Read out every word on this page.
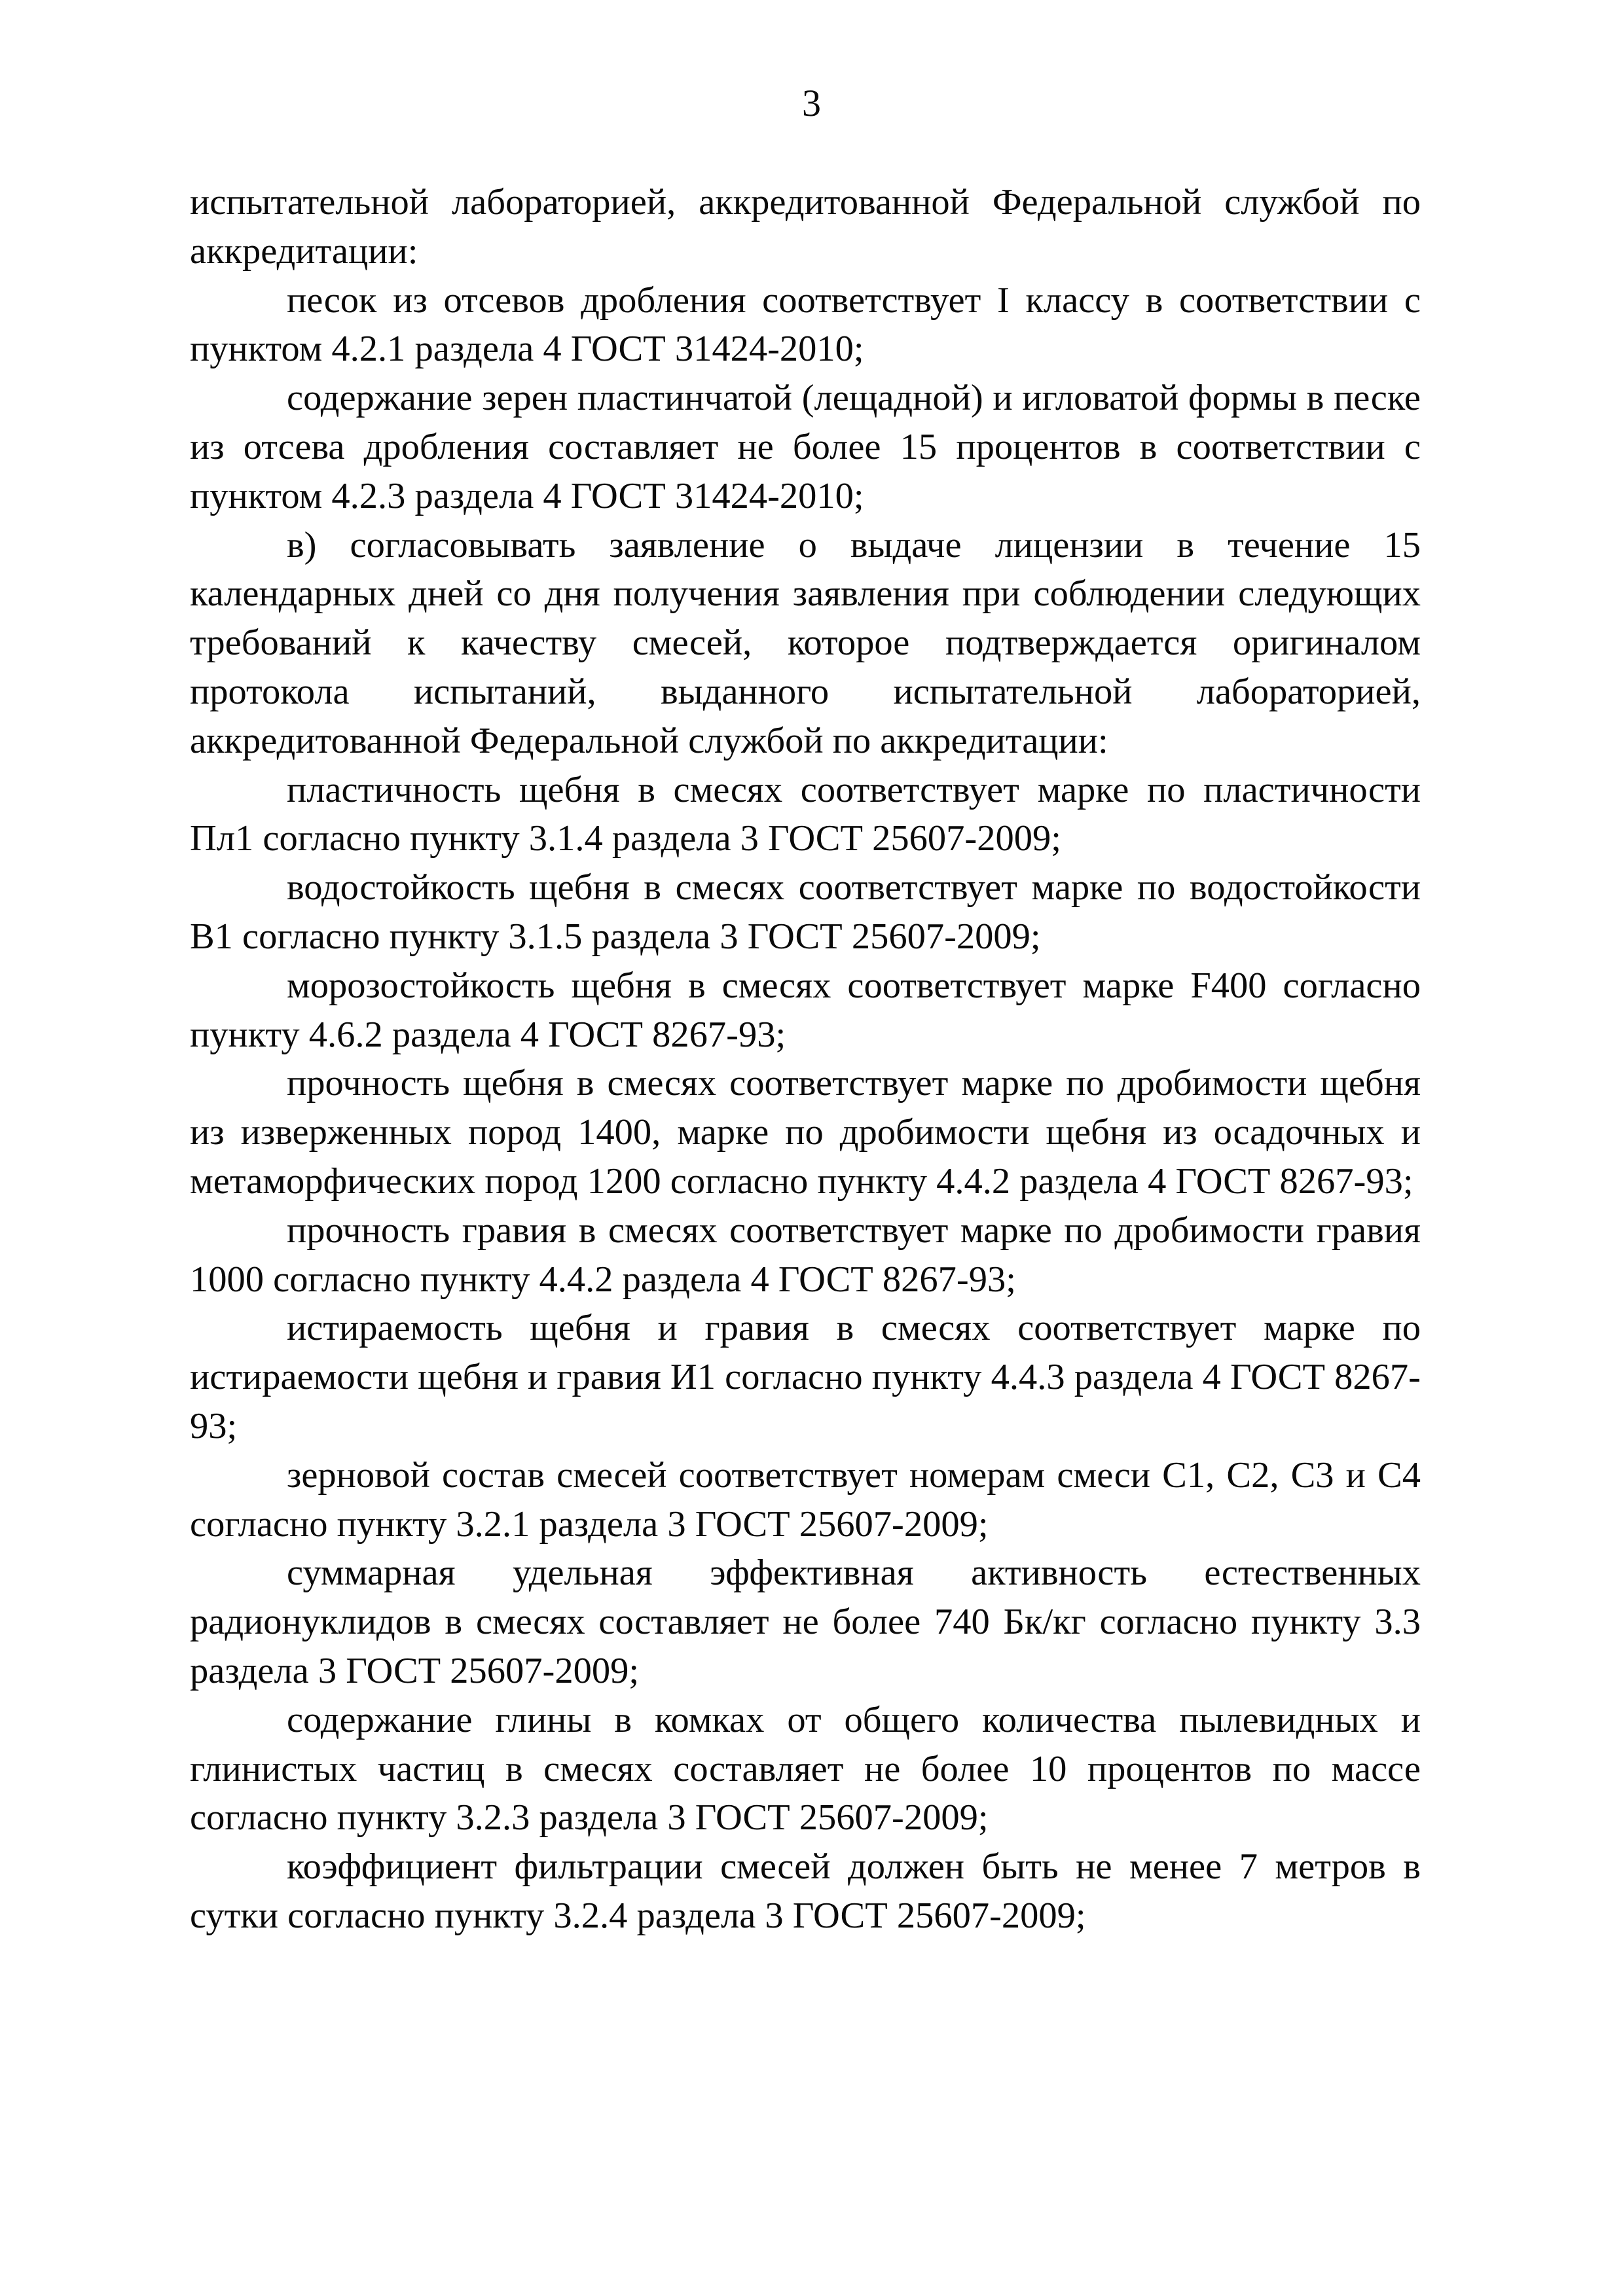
3

испытательной лабораторией, аккредитованной Федеральной службой по аккредитации:

песок из отсевов дробления соответствует I классу в соответствии с пунктом 4.2.1 раздела 4 ГОСТ 31424-2010;

содержание зерен пластинчатой (лещадной) и игловатой формы в песке из отсева дробления составляет не более 15 процентов в соответствии с пунктом 4.2.3 раздела 4 ГОСТ 31424-2010;

в) согласовывать заявление о выдаче лицензии в течение 15 календарных дней со дня получения заявления при соблюдении следующих требований к качеству смесей, которое подтверждается оригиналом протокола испытаний, выданного испытательной лабораторией, аккредитованной Федеральной службой по аккредитации:

пластичность щебня в смесях соответствует марке по пластичности Пл1 согласно пункту 3.1.4 раздела 3 ГОСТ 25607-2009;

водостойкость щебня в смесях соответствует марке по водостойкости В1 согласно пункту 3.1.5 раздела 3 ГОСТ 25607-2009;

морозостойкость щебня в смесях соответствует марке F400 согласно пункту 4.6.2 раздела 4 ГОСТ 8267-93;

прочность щебня в смесях соответствует марке по дробимости щебня из изверженных пород 1400, марке по дробимости щебня из осадочных и метаморфических пород 1200 согласно пункту 4.4.2 раздела 4 ГОСТ 8267-93;

прочность гравия в смесях соответствует марке по дробимости гравия 1000 согласно пункту 4.4.2 раздела 4 ГОСТ 8267-93;

истираемость щебня и гравия в смесях соответствует марке по истираемости щебня и гравия И1 согласно пункту 4.4.3 раздела 4 ГОСТ 8267-93;

зерновой состав смесей соответствует номерам смеси С1, С2, С3 и С4 согласно пункту 3.2.1 раздела 3 ГОСТ 25607-2009;

суммарная удельная эффективная активность естественных радионуклидов в смесях составляет не более 740 Бк/кг согласно пункту 3.3 раздела 3 ГОСТ 25607-2009;

содержание глины в комках от общего количества пылевидных и глинистых частиц в смесях составляет не более 10 процентов по массе согласно пункту 3.2.3 раздела 3 ГОСТ 25607-2009;

коэффициент фильтрации смесей должен быть не менее 7 метров в сутки согласно пункту 3.2.4 раздела 3 ГОСТ 25607-2009;
